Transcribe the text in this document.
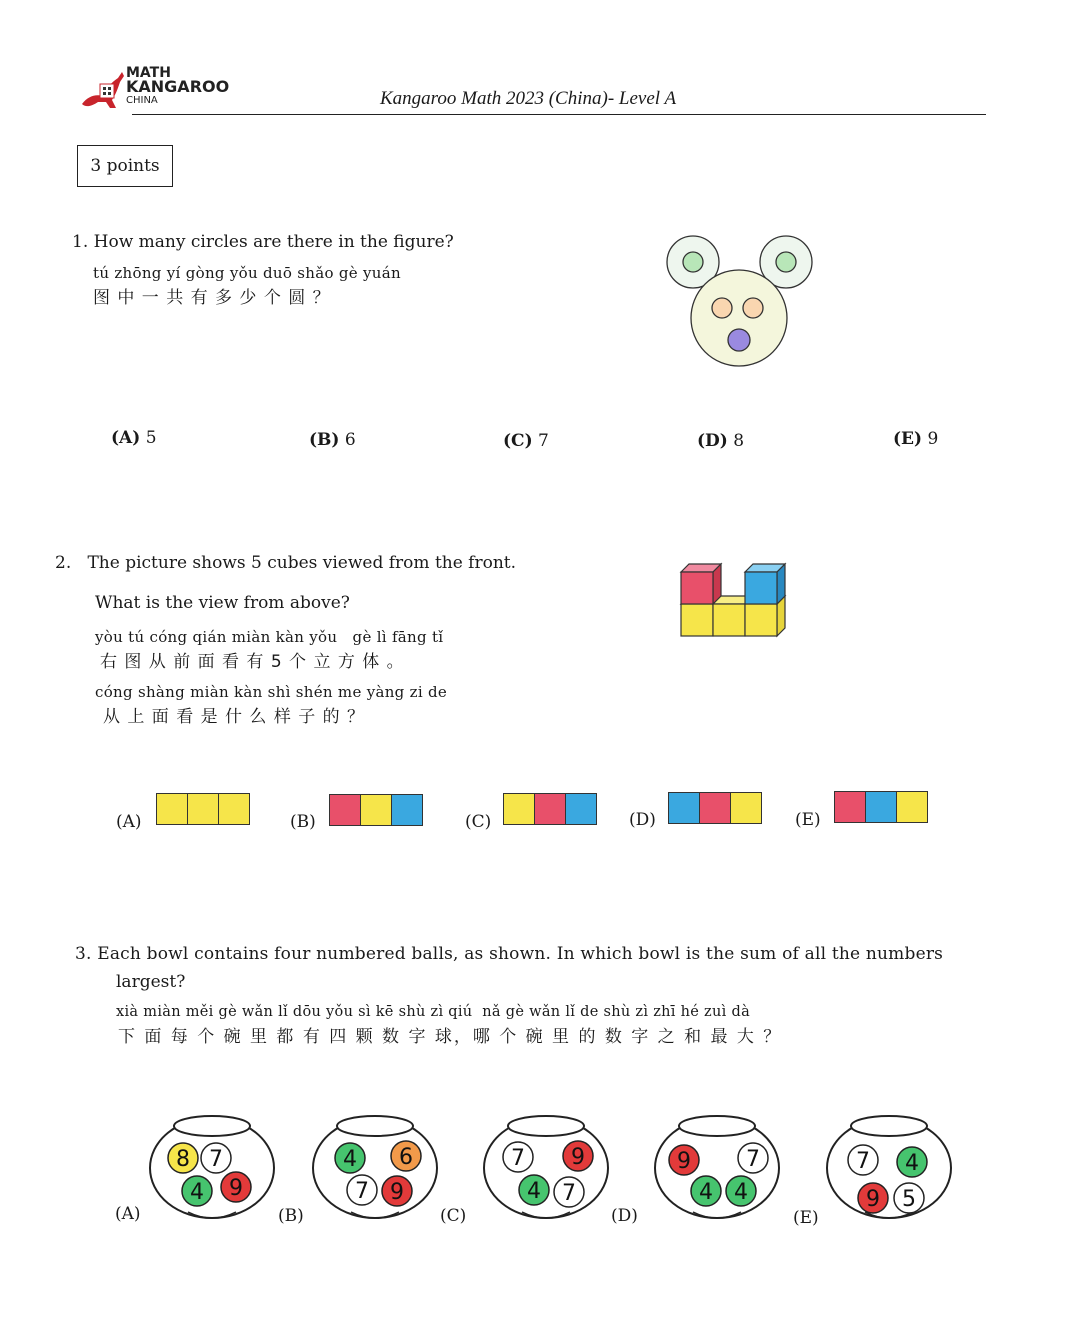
MATH
KANGAROO
CHINA	Kangaroo Math 2023 (China)- Level A
3 points
1. How many circles are there in the figure?
tú zhōng yí gòng yǒu duō shǎo gè yuán
图 中 一 共 有 多 少 个 圆 ？
(A) 5	(B) 6	(C) 7	(D) 8	(E) 9
2. The picture shows 5 cubes viewed from the front.
What is the view from above?
yòu tú cóng qián miàn kàn yǒu   gè lì fāng tǐ
右 图 从 前 面 看 有 5 个 立 方 体 。
cóng shàng miàn kàn shì shén me yàng zi de
从 上 面 看 是 什 么 样 子 的 ？
(A)	(B)	(C)	(D)	(E)
3. Each bowl contains four numbered balls, as shown. In which bowl is the sum of all the numbers
largest?
xià miàn měi gè wǎn lǐ dōu yǒu sì kē shù zì qiú  nǎ gè wǎn lǐ de shù zì zhī hé zuì dà
下 面 每 个 碗 里 都 有 四 颗 数 字 球，哪 个 碗 里 的 数 字 之 和 最 大 ？
(A)
8 7
4 9
(B)
4 6
7 9
(C)
7 9
4 7
(D)
9	7
4 4
(E)
7 4
9 5
